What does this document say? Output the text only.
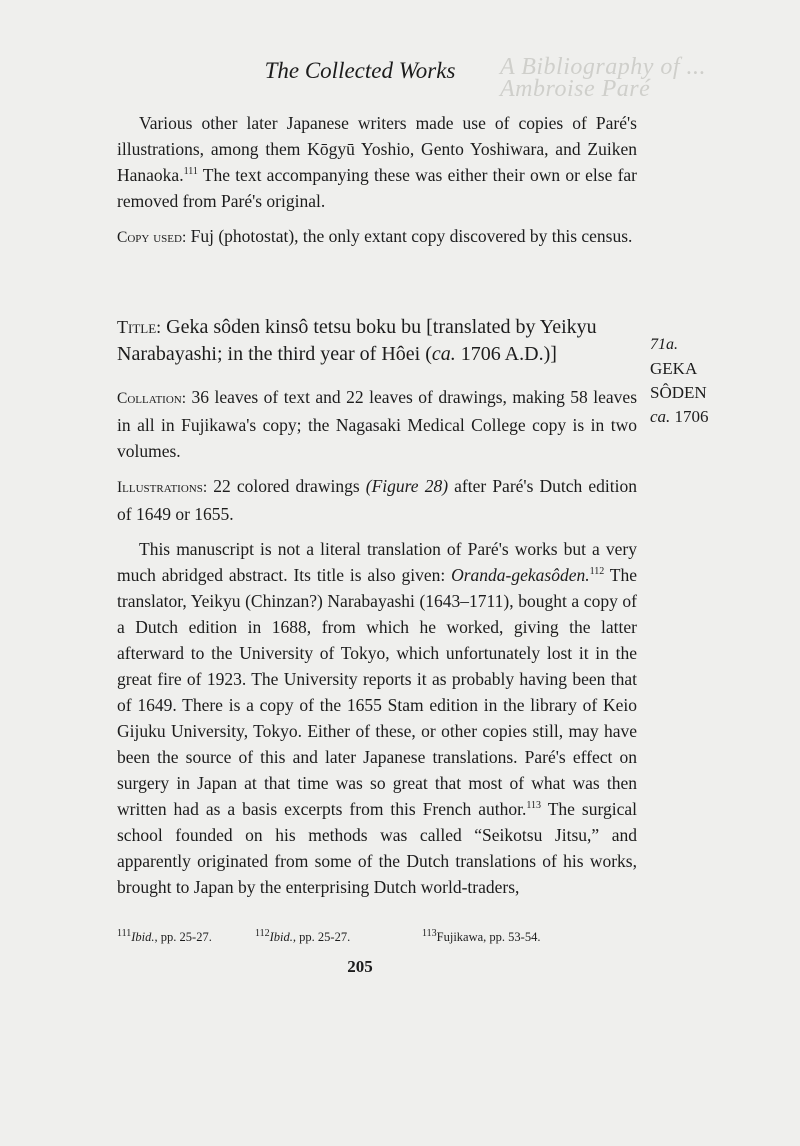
A Bibliography of ... Ambroise Paré
The Collected Works

Various other later Japanese writers made use of copies of Paré's illustrations, among them Kōgyū Yoshio, Gento Yoshiwara, and Zuiken Hanaoka.$^{111}$ The text accompanying these was either their own or else far removed from Paré's original.

Copy used: Fuj (photostat), the only extant copy discovered by this census.

Title: Geka sôden kinsô tetsu boku bu [translated by Yeikyu Narabayashi; in the third year of Hôei (ca. 1706 A.D.)]	71a.
GEKA
SÔDEN
ca. 1706

Collation: 36 leaves of text and 22 leaves of drawings, making 58 leaves in all in Fujikawa's copy; the Nagasaki Medical College copy is in two volumes.

Illustrations: 22 colored drawings (Figure 28) after Paré's Dutch edition of 1649 or 1655.

This manuscript is not a literal translation of Paré's works but a very much abridged abstract. Its title is also given: Oranda-gekasôden.$^{112}$ The translator, Yeikyu (Chinzan?) Narabayashi (1643–1711), bought a copy of a Dutch edition in 1688, from which he worked, giving the latter afterward to the University of Tokyo, which unfortunately lost it in the great fire of 1923. The University reports it as probably having been that of 1649. There is a copy of the 1655 Stam edition in the library of Keio Gijuku University, Tokyo. Either of these, or other copies still, may have been the source of this and later Japanese translations. Paré's effect on surgery in Japan at that time was so great that most of what was then written had as a basis excerpts from this French author.$^{113}$ The surgical school founded on his methods was called “Seikotsu Jitsu,” and apparently originated from some of the Dutch translations of his works, brought to Japan by the enterprising Dutch world-traders,

$^{111}$Ibid., pp. 25-27.	$^{112}$Ibid., pp. 25-27.	$^{113}$Fujikawa, pp. 53-54.
205
